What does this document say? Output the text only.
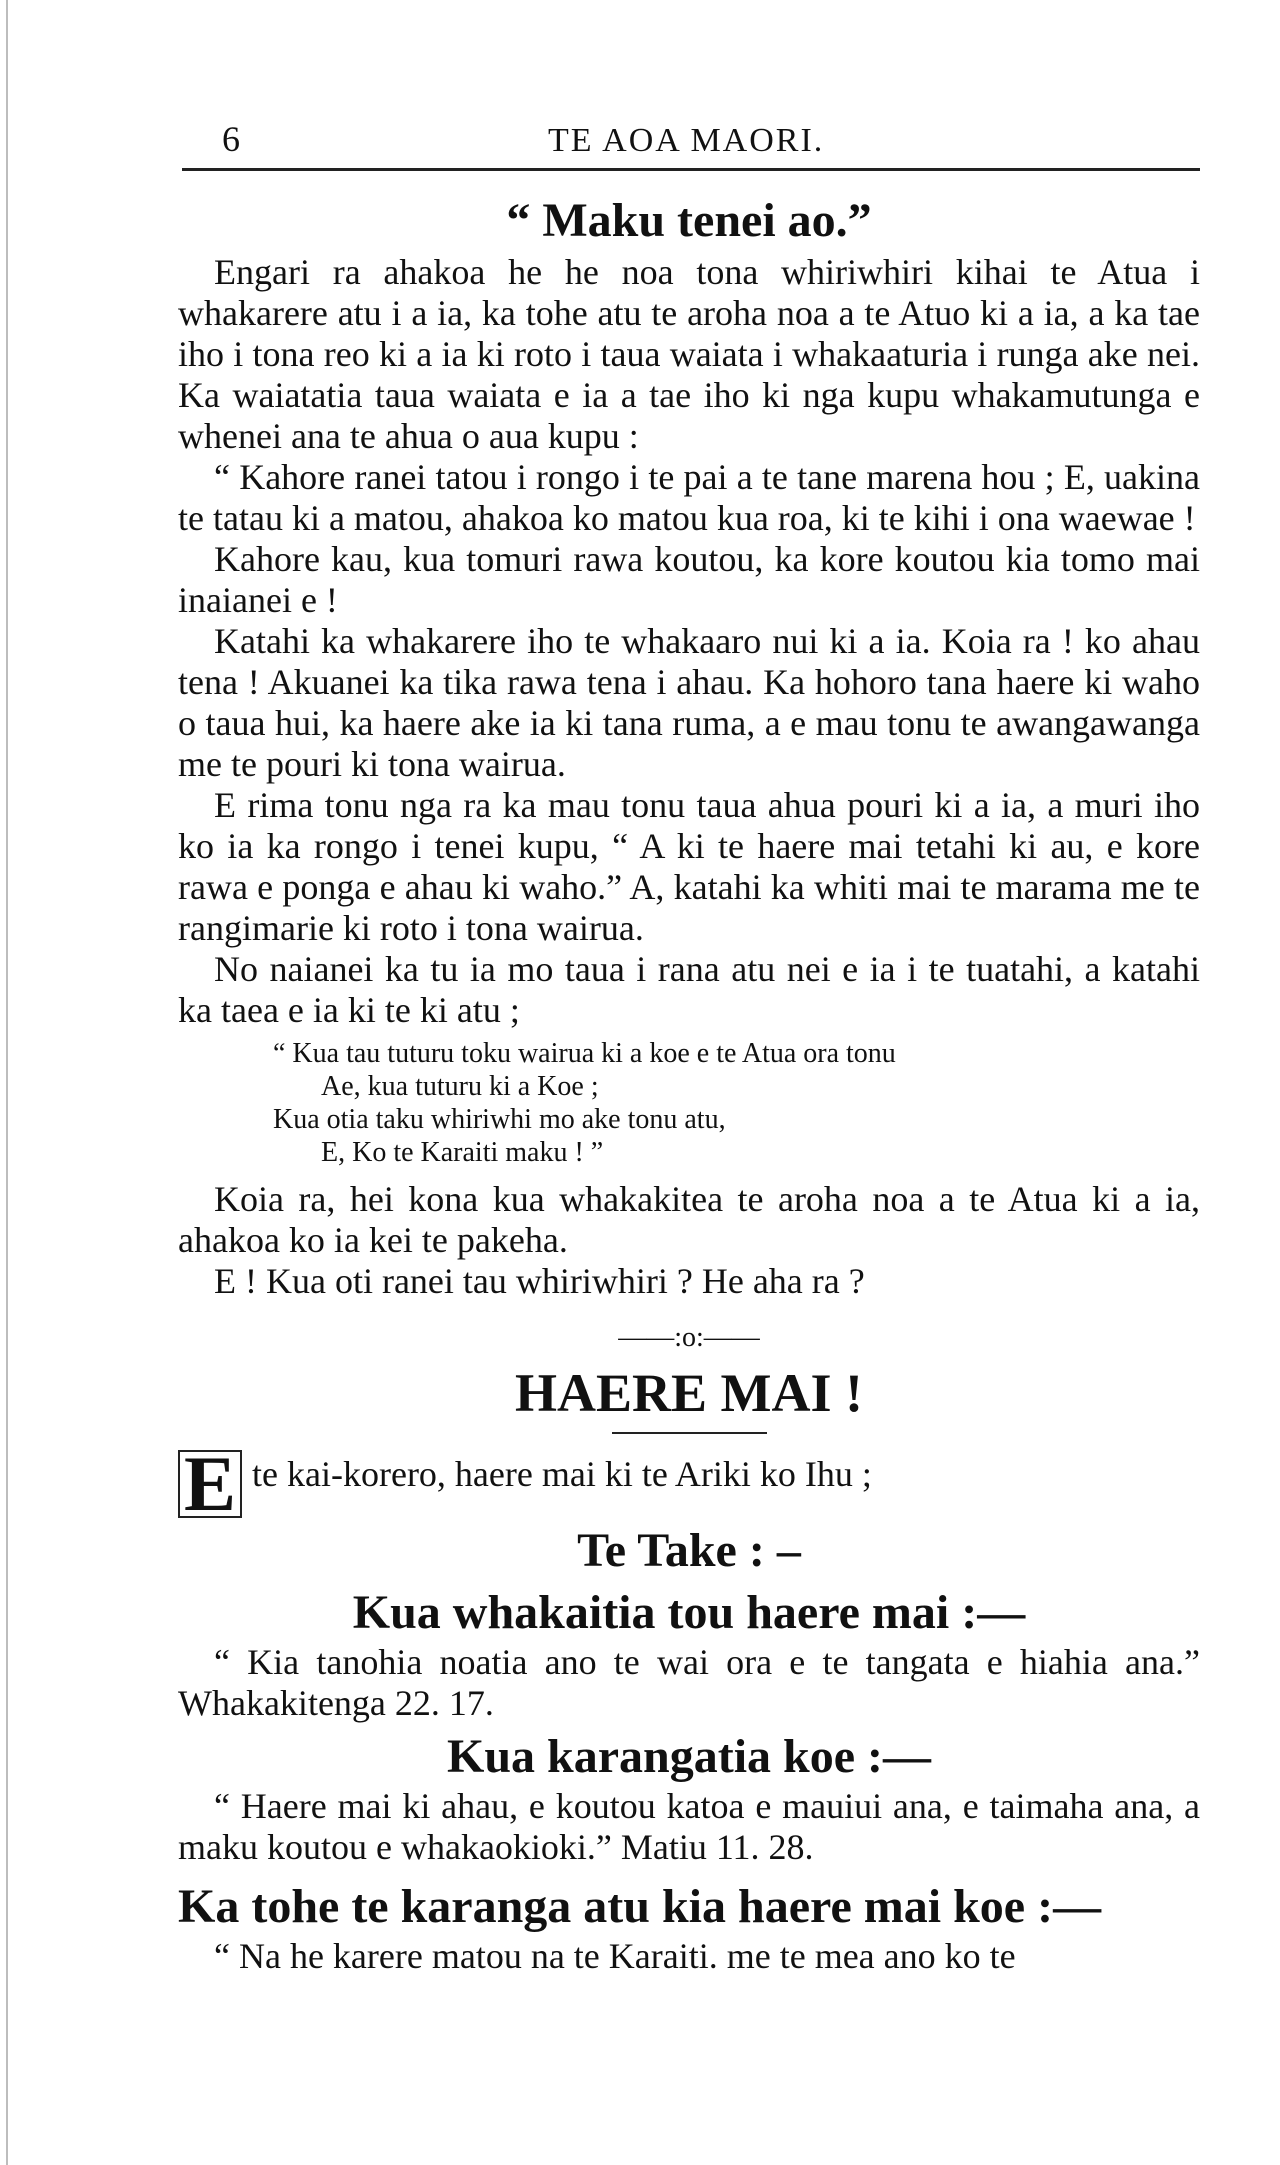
6	TE AOA MAORI.
“ Maku tenei ao.”

Engari ra ahakoa he he noa tona whiriwhiri kihai te Atua i whakarere atu i a ia, ka tohe atu te aroha noa a te Atuo ki a ia, a ka tae iho i tona reo ki a ia ki roto i taua waiata i whakaaturia i runga ake nei. Ka waiatatia taua waiata e ia a tae iho ki nga kupu whakamutunga e whenei ana te ahua o aua kupu :

“ Kahore ranei tatou i rongo i te pai a te tane marena hou ; E, uakina te tatau ki a matou, ahakoa ko matou kua roa, ki te kihi i ona waewae !

Kahore kau, kua tomuri rawa koutou, ka kore koutou kia tomo mai inaianei e !

Katahi ka whakarere iho te whakaaro nui ki a ia. Koia ra ! ko ahau tena ! Akuanei ka tika rawa tena i ahau. Ka hohoro tana haere ki waho o taua hui, ka haere ake ia ki tana ruma, a e mau tonu te awangawanga me te pouri ki tona wairua.

E rima tonu nga ra ka mau tonu taua ahua pouri ki a ia, a muri iho ko ia ka rongo i tenei kupu, “ A ki te haere mai tetahi ki au, e kore rawa e ponga e ahau ki waho.” A, katahi ka whiti mai te marama me te rangimarie ki roto i tona wairua.

No naianei ka tu ia mo taua i rana atu nei e ia i te tuatahi, a katahi ka taea e ia ki te ki atu ;

“ Kua tau tuturu toku wairua ki a koe e te Atua ora tonu
Ae, kua tuturu ki a Koe ;
Kua otia taku whiriwhi mo ake tonu atu,
E, Ko te Karaiti maku ! ”

Koia ra, hei kona kua whakakitea te aroha noa a te Atua ki a ia, ahakoa ko ia kei te pakeha.

E ! Kua oti ranei tau whiriwhiri ? He aha ra ?

——:o:——
HAERE MAI !
E te kai-korero, haere mai ki te Ariki ko Ihu ;
Te Take : –
Kua whakaitia tou haere mai :—

“ Kia tanohia noatia ano te wai ora e te tangata e hiahia ana.” Whakakitenga 22. 17.

Kua karangatia koe :—

“ Haere mai ki ahau, e koutou katoa e mauiui ana, e taimaha ana, a maku koutou e whakaokioki.” Matiu 11. 28.

Ka tohe te karanga atu kia haere mai koe :—

“ Na he karere matou na te Karaiti. me te mea ano ko te
